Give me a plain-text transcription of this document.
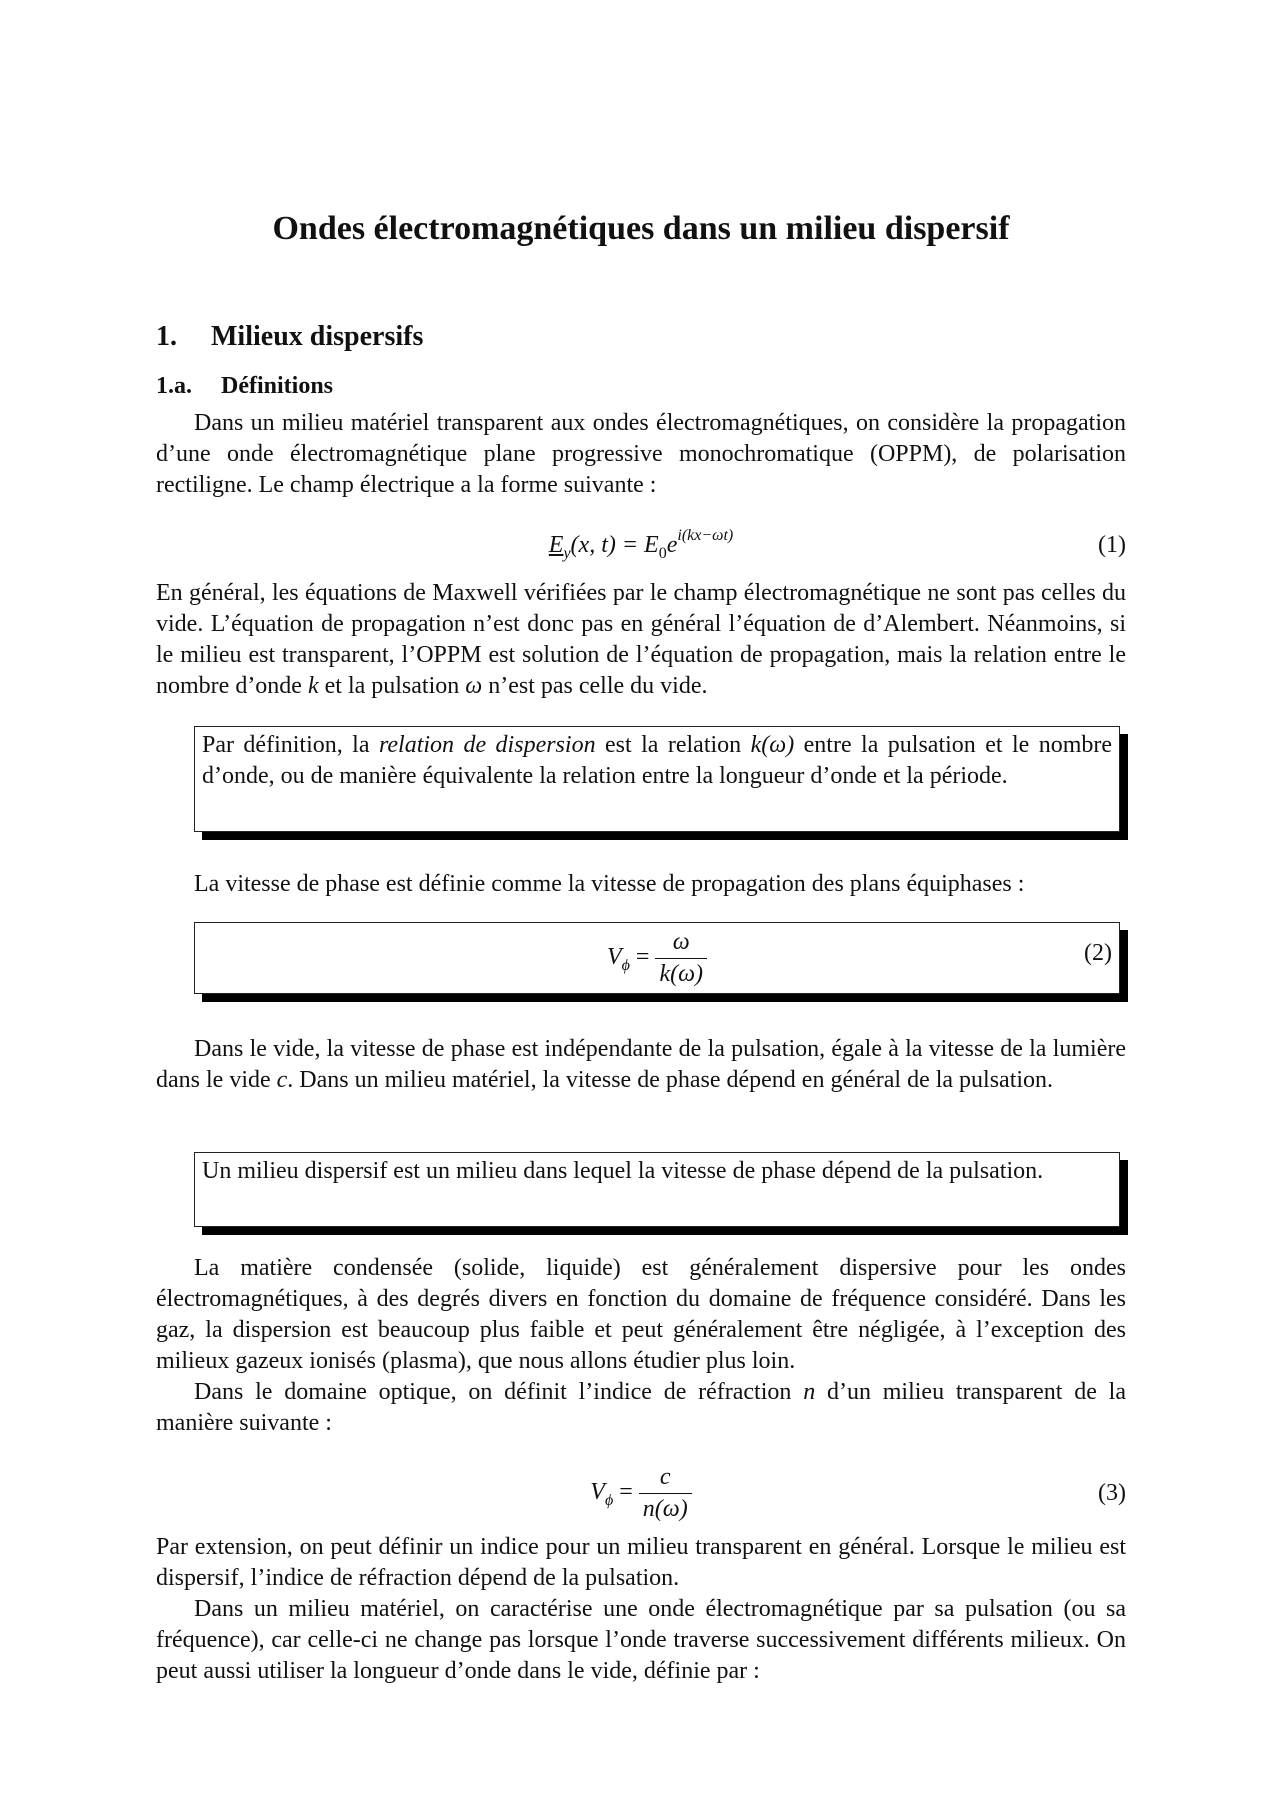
Ondes électromagnétiques dans un milieu dispersif
1. Milieux dispersifs
1.a. Définitions

Dans un milieu matériel transparent aux ondes électromagnétiques, on considère la propagation d’une onde électromagnétique plane progressive monochromatique (OPPM), de polarisation rectiligne. Le champ électrique a la forme suivante :

$E_y(x$, $t) = E_0e^{i(kx-\omega t)}$	(1)

En général, les équations de Maxwell vérifiées par le champ électromagnétique ne sont pas celles du vide. L’équation de propagation n’est donc pas en général l’équation de d’Alembert. Néanmoins, si le milieu est transparent, l’OPPM est solution de l’équation de propagation, mais la relation entre le nombre d’onde k et la pulsation ω n’est pas celle du vide.

Par définition, la relation de dispersion est la relation k(ω) entre la pulsation et le nombre d’onde, ou de manière équivalente la relation entre la longueur d’onde et la période.

La vitesse de phase est définie comme la vitesse de propagation des plans équiphases :

$V_\phi = \frac{\omega}{k(\omega)}$	(2)

Dans le vide, la vitesse de phase est indépendante de la pulsation, égale à la vitesse de la lumière dans le vide c. Dans un milieu matériel, la vitesse de phase dépend en général de la pulsation.

Un milieu dispersif est un milieu dans lequel la vitesse de phase dépend de la pulsation.

La matière condensée (solide, liquide) est généralement dispersive pour les ondes électromagnétiques, à des degrés divers en fonction du domaine de fréquence considéré. Dans les gaz, la dispersion est beaucoup plus faible et peut généralement être négligée, à l’exception des milieux gazeux ionisés (plasma), que nous allons étudier plus loin.

Dans le domaine optique, on définit l’indice de réfraction n d’un milieu transparent de la manière suivante :

$V_\phi = \frac{c}{n(\omega)}$	(3)

Par extension, on peut définir un indice pour un milieu transparent en général. Lorsque le milieu est dispersif, l’indice de réfraction dépend de la pulsation.

Dans un milieu matériel, on caractérise une onde électromagnétique par sa pulsation (ou sa fréquence), car celle-ci ne change pas lorsque l’onde traverse successivement différents milieux. On peut aussi utiliser la longueur d’onde dans le vide, définie par :
